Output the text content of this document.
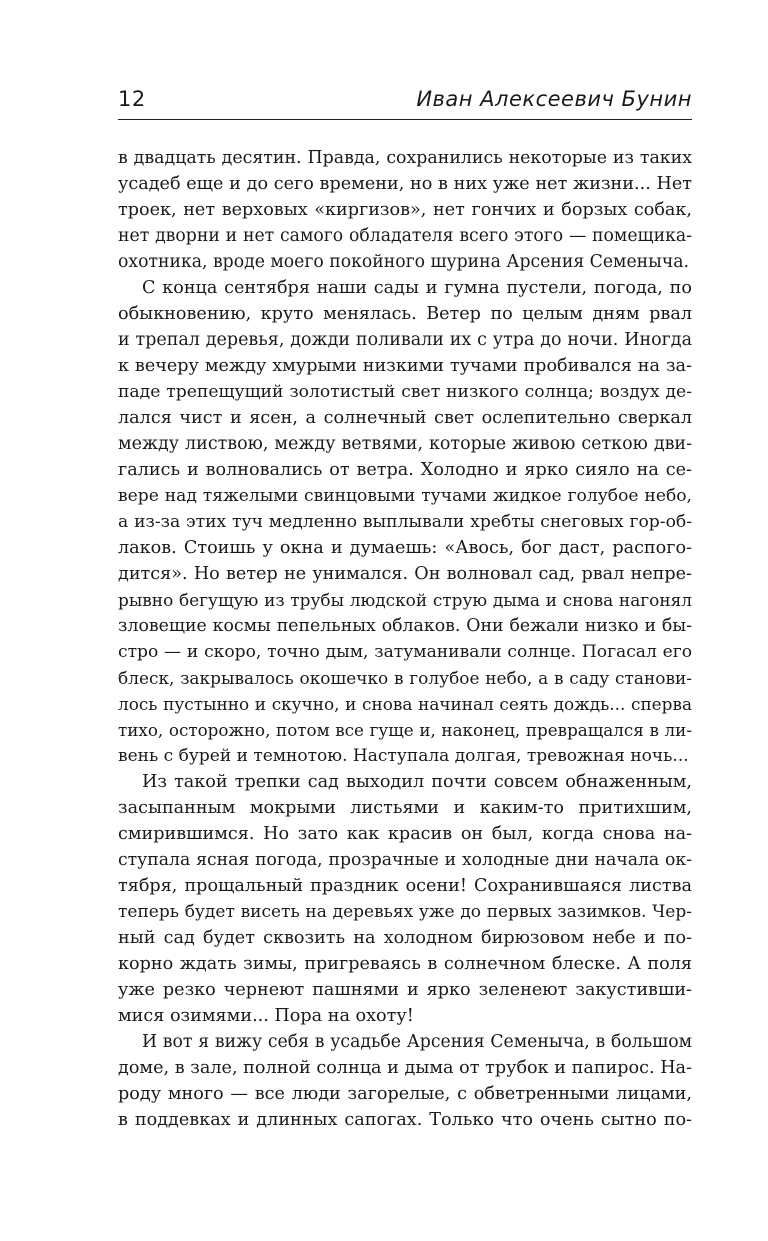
12	Иван Алексеевич Бунин
в двадцать десятин. Правда, сохранились некоторые из таких
усадеб еще и до сего времени, но в них уже нет жизни... Нет
троек, нет верховых «киргизов», нет гончих и борзых собак,
нет дворни и нет самого обладателя всего этого — помещика-
охотника, вроде моего покойного шурина Арсения Семеныча.
С конца сентября наши сады и гумна пустели, погода, по
обыкновению, круто менялась. Ветер по целым дням рвал
и трепал деревья, дожди поливали их с утра до ночи. Иногда
к вечеру между хмурыми низкими тучами пробивался на за-
паде трепещущий золотистый свет низкого солнца; воздух де-
лался чист и ясен, а солнечный свет ослепительно сверкал
между листвою, между ветвями, которые живою сеткою дви-
гались и волновались от ветра. Холодно и ярко сияло на се-
вере над тяжелыми свинцовыми тучами жидкое голубое небо,
а из-за этих туч медленно выплывали хребты снеговых гор-об-
лаков. Стоишь у окна и думаешь: «Авось, бог даст, распого-
дится». Но ветер не унимался. Он волновал сад, рвал непре-
рывно бегущую из трубы людской струю дыма и снова нагонял
зловещие космы пепельных облаков. Они бежали низко и бы-
стро — и скоро, точно дым, затуманивали солнце. Погасал его
блеск, закрывалось окошечко в голубое небо, а в саду станови-
лось пустынно и скучно, и снова начинал сеять дождь... сперва
тихо, осторожно, потом все гуще и, наконец, превращался в ли-
вень с бурей и темнотою. Наступала долгая, тревожная ночь...
Из такой трепки сад выходил почти совсем обнаженным,
засыпанным мокрыми листьями и каким-то притихшим,
смирившимся. Но зато как красив он был, когда снова на-
ступала ясная погода, прозрачные и холодные дни начала ок-
тября, прощальный праздник осени! Сохранившаяся листва
теперь будет висеть на деревьях уже до первых зазимков. Чер-
ный сад будет сквозить на холодном бирюзовом небе и по-
корно ждать зимы, пригреваясь в солнечном блеске. А поля
уже резко чернеют пашнями и ярко зеленеют закустивши-
мися озимями... Пора на охоту!
И вот я вижу себя в усадьбе Арсения Семеныча, в большом
доме, в зале, полной солнца и дыма от трубок и папирос. На-
роду много — все люди загорелые, с обветренными лицами,
в поддевках и длинных сапогах. Только что очень сытно по-
